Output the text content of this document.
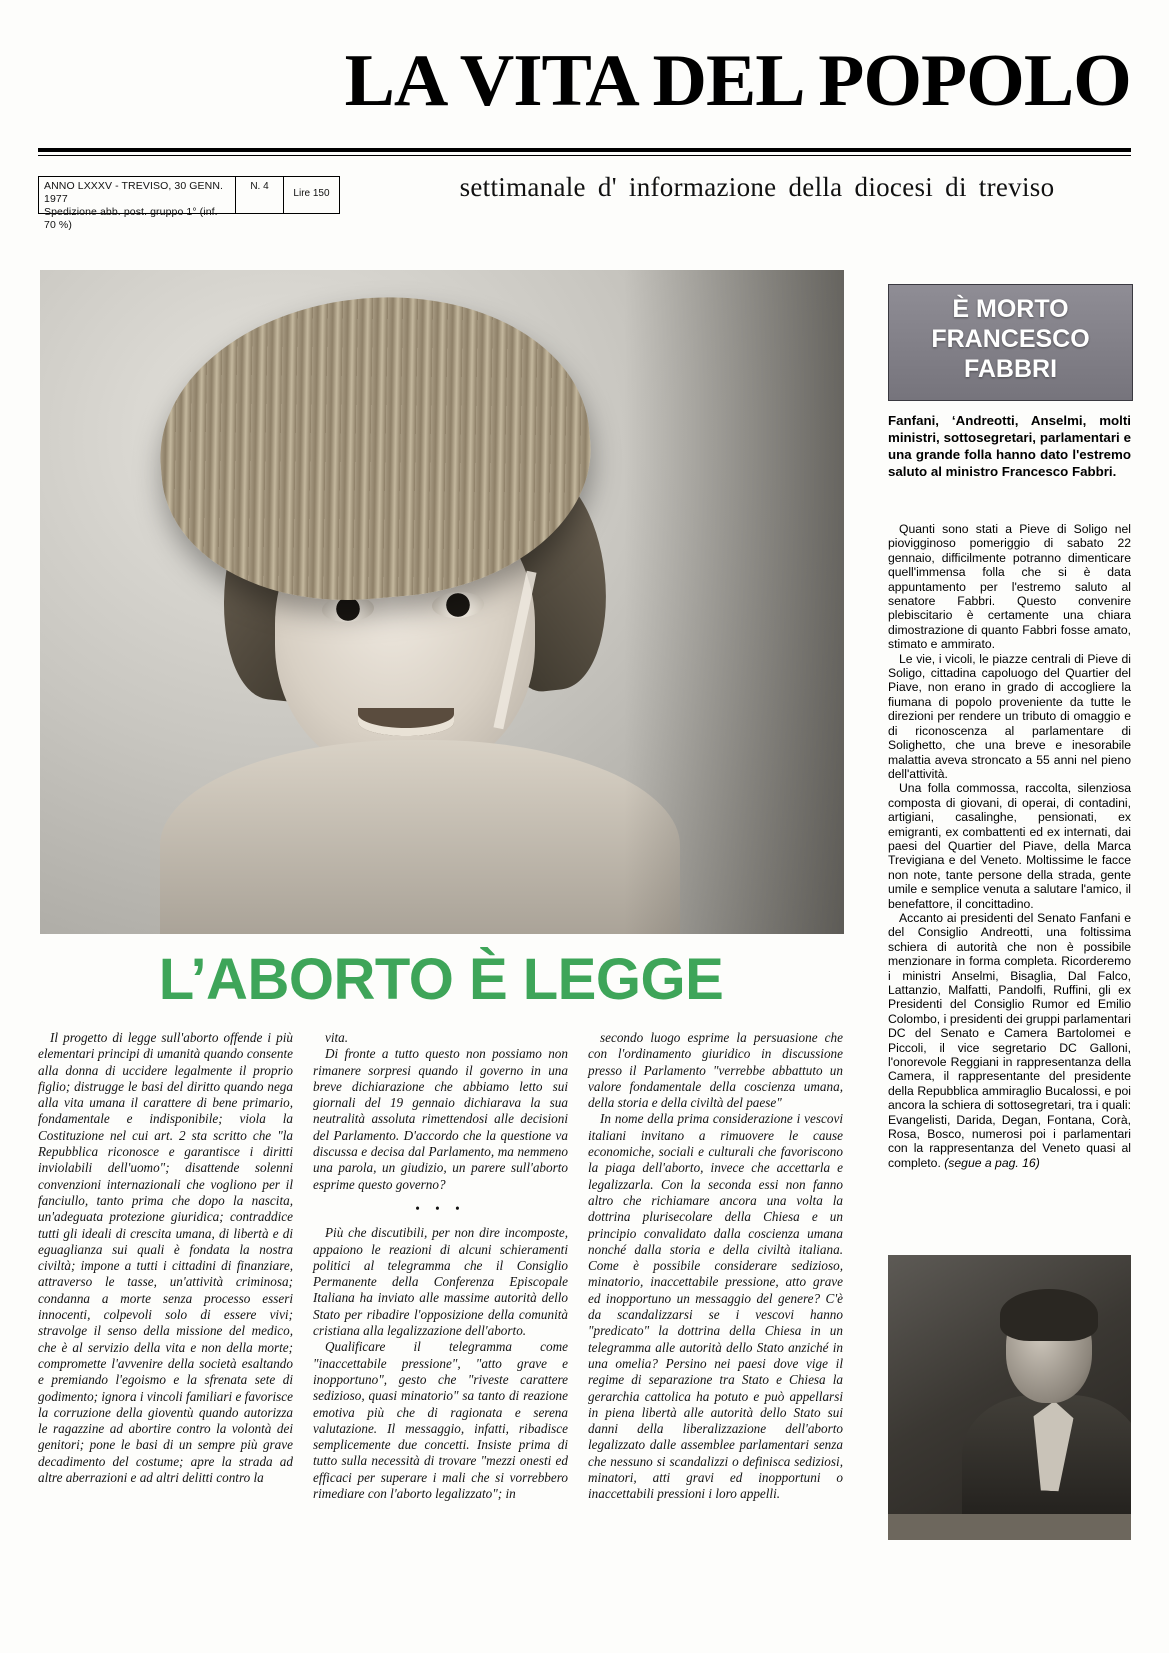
LA VITA DEL POPOLO
ANNO LXXXV - TREVISO, 30 GENN. 1977
Spedizione abb. post. gruppo 1° (inf. 70 %)
N. 4
Lire 150	settimanale d' informazione della diocesi di treviso
L’ABORTO È LEGGE

Il progetto di legge sull'aborto offende i più elementari principi di umanità quando consente alla donna di uccidere legalmente il proprio figlio; distrugge le basi del diritto quando nega alla vita umana il carattere di bene primario, fondamentale e indisponibile; viola la Costituzione nel cui art. 2 sta scritto che "la Repubblica riconosce e garantisce i diritti inviolabili dell'uomo"; disattende solenni convenzioni internazionali che vogliono per il fanciullo, tanto prima che dopo la nascita, un'adeguata protezione giuridica; contraddice tutti gli ideali di crescita umana, di libertà e di eguaglianza sui quali è fondata la nostra civiltà; impone a tutti i cittadini di finanziare, attraverso le tasse, un'attività criminosa; condanna a morte senza processo esseri innocenti, colpevoli solo di essere vivi; stravolge il senso della missione del medico, che è al servizio della vita e non della morte; compromette l'avvenire della società esaltando e premiando l'egoismo e la sfrenata sete di godimento; ignora i vincoli familiari e favorisce la corruzione della gioventù quando autorizza le ragazzine ad abortire contro la volontà dei genitori; pone le basi di un sempre più grave decadimento del costume; apre la strada ad altre aberrazioni e ad altri delitti contro la

vita.

Di fronte a tutto questo non possiamo non rimanere sorpresi quando il governo in una breve dichiarazione che abbiamo letto sui giornali del 19 gennaio dichiarava la sua neutralità assoluta rimettendosi alle decisioni del Parlamento. D'accordo che la questione va discussa e decisa dal Parlamento, ma nemmeno una parola, un giudizio, un parere sull'aborto esprime questo governo?

• • •

Più che discutibili, per non dire incomposte, appaiono le reazioni di alcuni schieramenti politici al telegramma che il Consiglio Permanente della Conferenza Episcopale Italiana ha inviato alle massime autorità dello Stato per ribadire l'opposizione della comunità cristiana alla legalizzazione dell'aborto.

Qualificare il telegramma come "inaccettabile pressione", "atto grave e inopportuno", gesto che "riveste carattere sedizioso, quasi minatorio" sa tanto di reazione emotiva più che di ragionata e serena valutazione. Il messaggio, infatti, ribadisce semplicemente due concetti. Insiste prima di tutto sulla necessità di trovare "mezzi onesti ed efficaci per superare i mali che si vorrebbero rimediare con l'aborto legalizzato"; in

secondo luogo esprime la persuasione che con l'ordinamento giuridico in discussione presso il Parlamento "verrebbe abbattuto un valore fondamentale della coscienza umana, della storia e della civiltà del paese"

In nome della prima considerazione i vescovi italiani invitano a rimuovere le cause economiche, sociali e culturali che favoriscono la piaga dell'aborto, invece che accettarla e legalizzarla. Con la seconda essi non fanno altro che richiamare ancora una volta la dottrina plurisecolare della Chiesa e un principio convalidato dalla coscienza umana nonché dalla storia e della civiltà italiana. Come è possibile considerare sedizioso, minatorio, inaccettabile pressione, atto grave ed inopportuno un messaggio del genere? C'è da scandalizzarsi se i vescovi hanno "predicato" la dottrina della Chiesa in un telegramma alle autorità dello Stato anziché in una omelia? Persino nei paesi dove vige il regime di separazione tra Stato e Chiesa la gerarchia cattolica ha potuto e può appellarsi in piena libertà alle autorità dello Stato sui danni della liberalizzazione dell'aborto legalizzato dalle assemblee parlamentari senza che nessuno si scandalizzi o definisca sediziosi, minatori, atti gravi ed inopportuni o inaccettabili pressioni i loro appelli.

È MORTO
FRANCESCO
FABBRI
Fanfani, ‘Andreotti, Anselmi, molti ministri, sottosegretari, parlamentari e una grande folla hanno dato l'estremo saluto al ministro Francesco Fabbri.

Quanti sono stati a Pieve di Soligo nel piovigginoso pomeriggio di sabato 22 gennaio, difficilmente potranno dimenticare quell'immensa folla che si è data appuntamento per l'estremo saluto al senatore Fabbri. Questo convenire plebiscitario è certamente una chiara dimostrazione di quanto Fabbri fosse amato, stimato e ammirato.

Le vie, i vicoli, le piazze centrali di Pieve di Soligo, cittadina capoluogo del Quartier del Piave, non erano in grado di accogliere la fiumana di popolo proveniente da tutte le direzioni per rendere un tributo di omaggio e di riconoscenza al parlamentare di Solighetto, che una breve e inesorabile malattia aveva stroncato a 55 anni nel pieno dell'attività.

Una folla commossa, raccolta, silenziosa composta di giovani, di operai, di contadini, artigiani, casalinghe, pensionati, ex emigranti, ex combattenti ed ex internati, dai paesi del Quartier del Piave, della Marca Trevigiana e del Veneto. Moltissime le facce non note, tante persone della strada, gente umile e semplice venuta a salutare l'amico, il benefattore, il concittadino.

Accanto ai presidenti del Senato Fanfani e del Consiglio Andreotti, una foltissima schiera di autorità che non è possibile menzionare in forma completa. Ricorderemo i ministri Anselmi, Bisaglia, Dal Falco, Lattanzio, Malfatti, Pandolfi, Ruffini, gli ex Presidenti del Consiglio Rumor ed Emilio Colombo, i presidenti dei gruppi parlamentari DC del Senato e Camera Bartolomei e Piccoli, il vice segretario DC Galloni, l'onorevole Reggiani in rappresentanza della Camera, il rappresentante del presidente della Repubblica ammiraglio Bucalossi, e poi ancora la schiera di sottosegretari, tra i quali: Evangelisti, Darida, Degan, Fontana, Corà, Rosa, Bosco, numerosi poi i parlamentari con la rappresentanza del Veneto quasi al completo. (segue a pag. 16)
